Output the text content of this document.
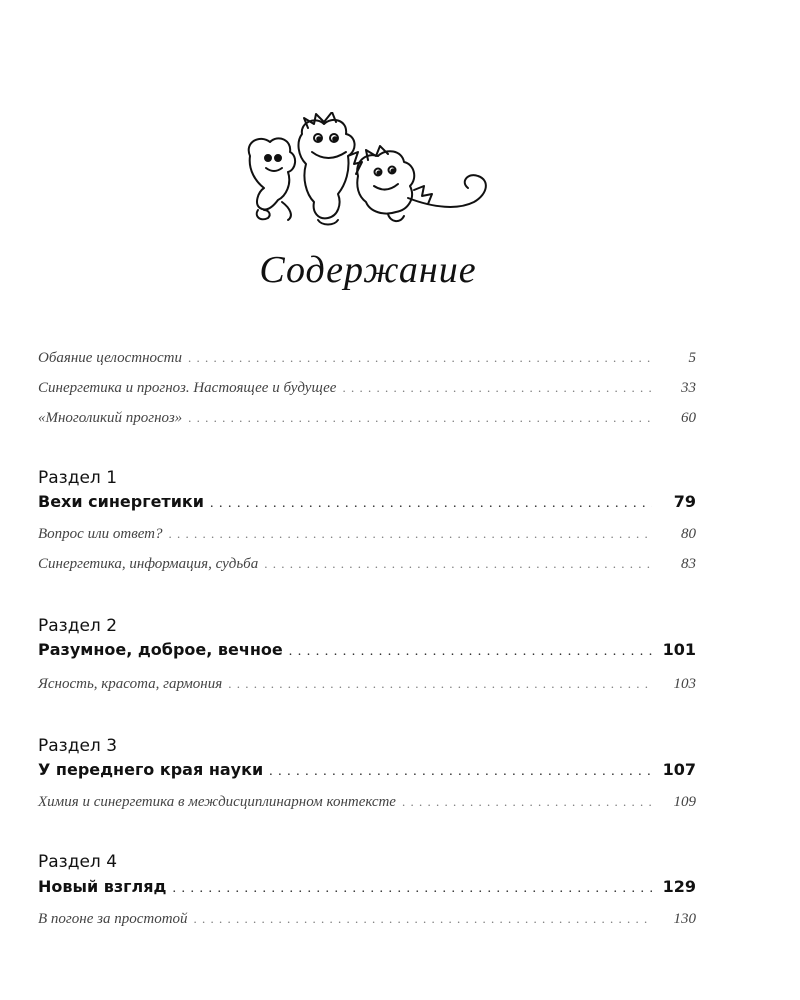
Содержание
Обаяние целостности . . .	5
Синергетика и прогноз. Настоящее и будущее . . .	33
«Многоликий прогноз» . . .	60
Раздел 1
Вехи синергетики . . .	79
Вопрос или ответ? . . .	80
Синергетика, информация, судьба . . .	83
Раздел 2
Разумное, доброе, вечное . . .	101
Ясность, красота, гармония . . .	103
Раздел 3
У переднего края науки . . .	107
Химия и синергетика в междисциплинарном контексте . . .	109
Раздел 4
Новый взгляд . . .	129
В погоне за простотой . . .	130
